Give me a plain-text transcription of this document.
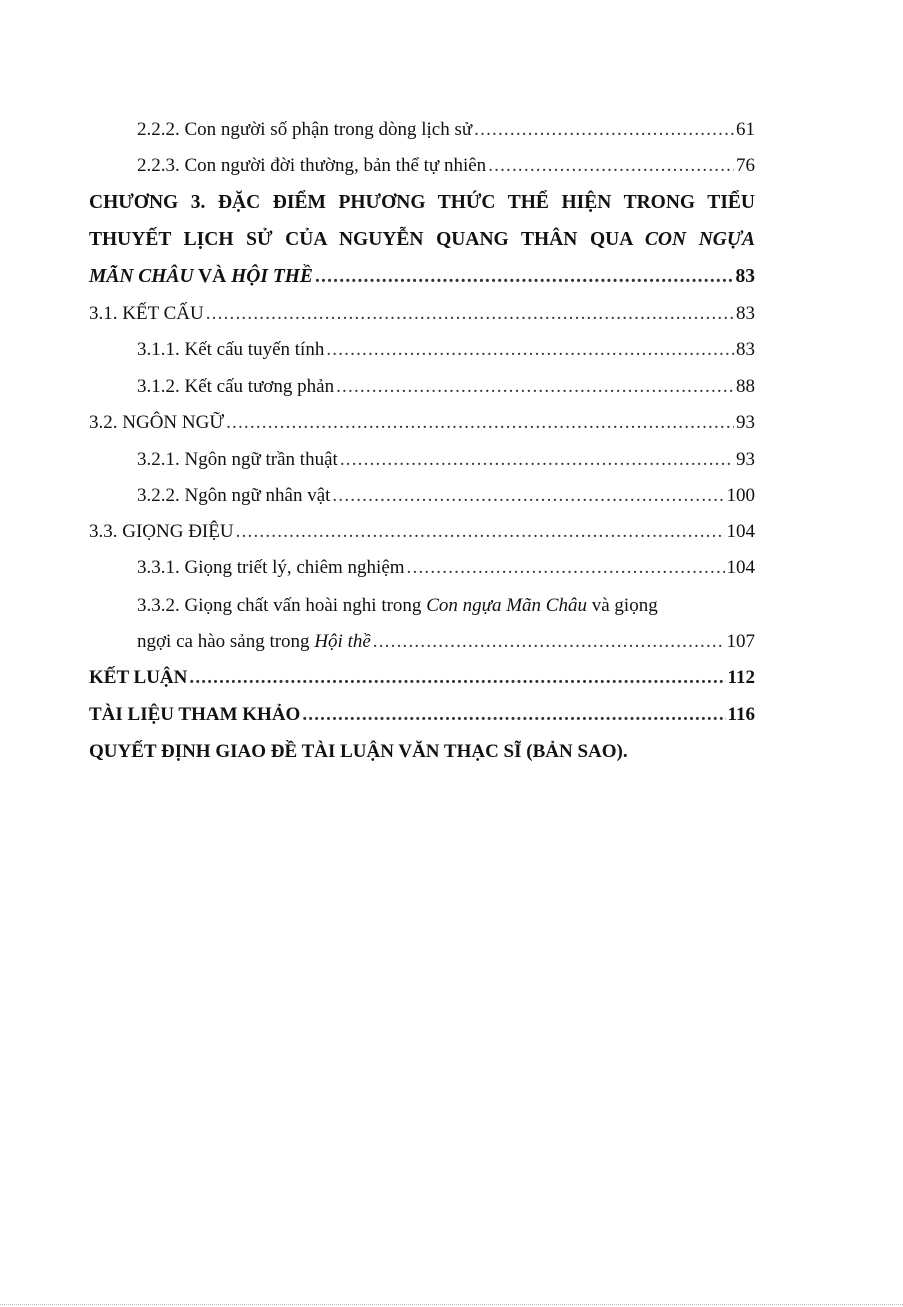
2.2.2. Con người số phận trong dòng lịch sử .....	61
2.2.3. Con người đời thường, bản thể tự nhiên .....	76
CHƯƠNG 3. ĐẶC ĐIỂM PHƯƠNG THỨC THỂ HIỆN TRONG TIỂU
THUYẾT LỊCH SỬ CỦA NGUYỄN QUANG THÂN QUA CON NGỰA
MÃN CHÂU VÀ HỘI THỀ .....	83
3.1. KẾT CẤU .....	83
3.1.1. Kết cấu tuyến tính .....	83
3.1.2. Kết cấu tương phản .....	88
3.2. NGÔN NGỮ .....	93
3.2.1. Ngôn ngữ trần thuật .....	93
3.2.2. Ngôn ngữ nhân vật .....	100
3.3. GIỌNG ĐIỆU .....	104
3.3.1. Giọng triết lý, chiêm nghiệm .....	104
3.3.2. Giọng chất vấn hoài nghi trong Con ngựa Mãn Châu và giọng
ngợi ca hào sảng trong Hội thề .....	107
KẾT LUẬN .....	112
TÀI LIỆU THAM KHẢO .....	116
QUYẾT ĐỊNH GIAO ĐỀ TÀI LUẬN VĂN THẠC SĨ (BẢN SAO).
